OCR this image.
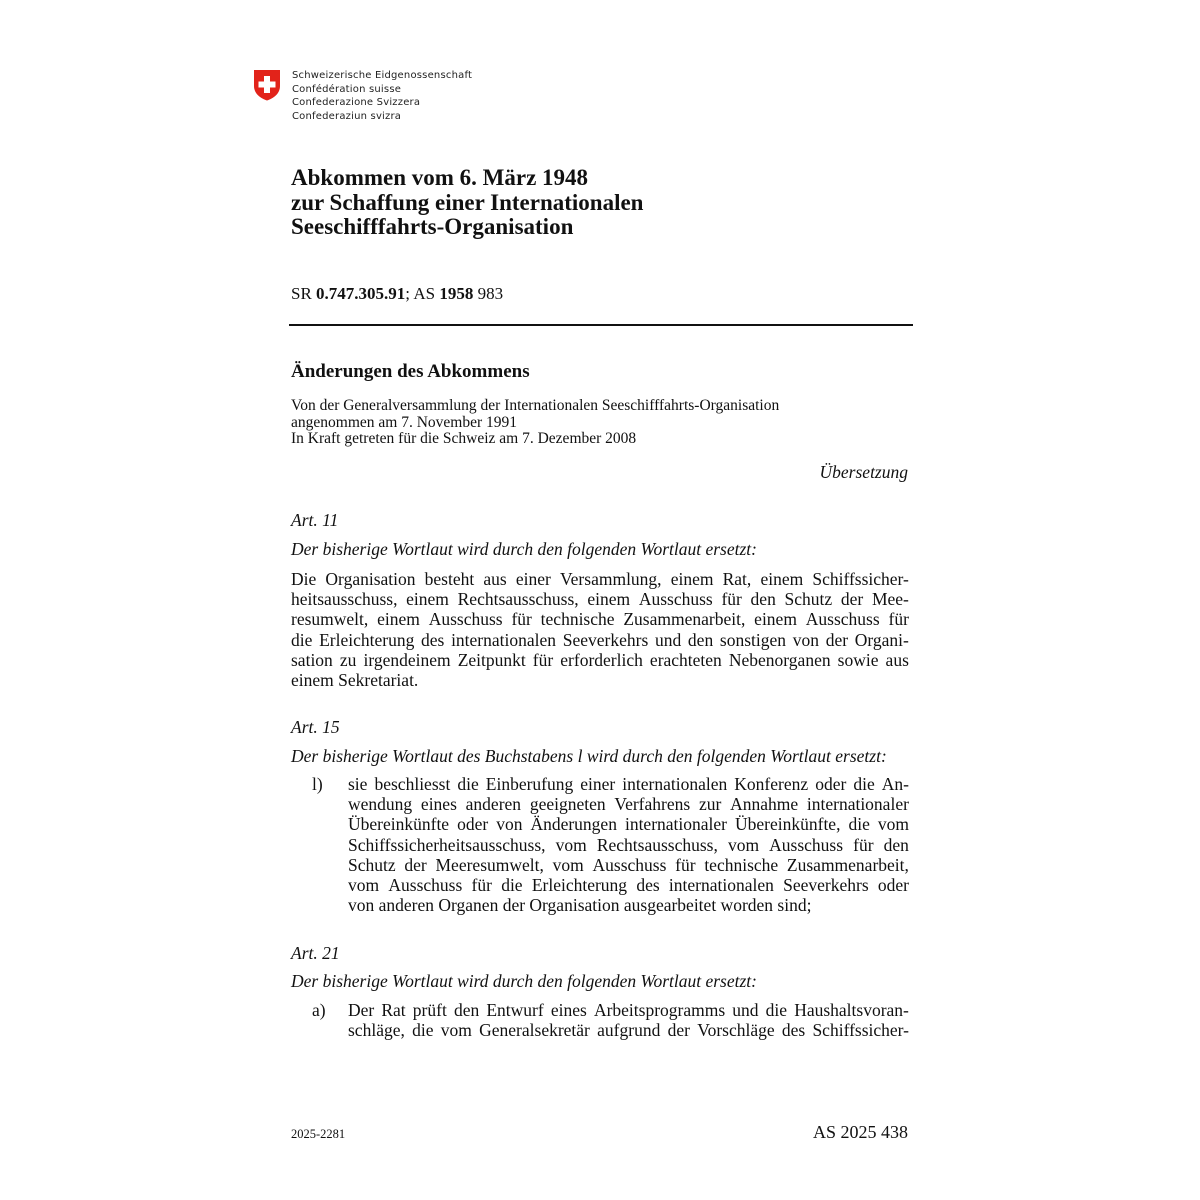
Schweizerische Eidgenossenschaft
Confédération suisse
Confederazione Svizzera
Confederaziun svizra
Abkommen vom 6. März 1948
zur Schaffung einer Internationalen
Seeschifffahrts-Organisation
SR 0.747.305.91; AS 1958 983
Änderungen des Abkommens
Von der Generalversammlung der Internationalen Seeschifffahrts-Organisation
angenommen am 7. November 1991
In Kraft getreten für die Schweiz am 7. Dezember 2008
Übersetzung
Art. 11
Der bisherige Wortlaut wird durch den folgenden Wortlaut ersetzt:
Die Organisation besteht aus einer Versammlung, einem Rat, einem Schiffssicher-
heitsausschuss, einem Rechtsausschuss, einem Ausschuss für den Schutz der Mee-
resumwelt, einem Ausschuss für technische Zusammenarbeit, einem Ausschuss für
die Erleichterung des internationalen Seeverkehrs und den sonstigen von der Organi-
sation zu irgendeinem Zeitpunkt für erforderlich erachteten Nebenorganen sowie aus
einem Sekretariat.
Art. 15
Der bisherige Wortlaut des Buchstabens l wird durch den folgenden Wortlaut ersetzt:
l) sie beschliesst die Einberufung einer internationalen Konferenz oder die An-
wendung eines anderen geeigneten Verfahrens zur Annahme internationaler
Übereinkünfte oder von Änderungen internationaler Übereinkünfte, die vom
Schiffssicherheitsausschuss, vom Rechtsausschuss, vom Ausschuss für den
Schutz der Meeresumwelt, vom Ausschuss für technische Zusammenarbeit,
vom Ausschuss für die Erleichterung des internationalen Seeverkehrs oder
von anderen Organen der Organisation ausgearbeitet worden sind;
Art. 21
Der bisherige Wortlaut wird durch den folgenden Wortlaut ersetzt:
a) Der Rat prüft den Entwurf eines Arbeitsprogramms und die Haushaltsvoran-
schläge, die vom Generalsekretär aufgrund der Vorschläge des Schiffssicher-
2025-2281	AS 2025 438
